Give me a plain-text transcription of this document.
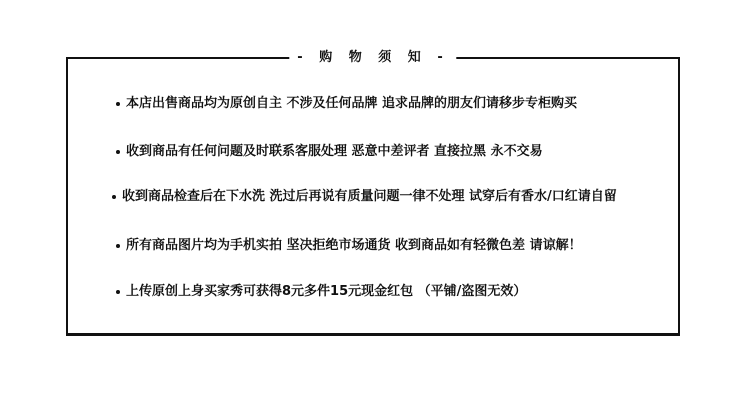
- 购 物 须 知 -
本店出售商品均为原创自主 不涉及任何品牌 追求品牌的朋友们请移步专柜购买
收到商品有任何问题及时联系客服处理 恶意中差评者 直接拉黑 永不交易
收到商品检查后在下水洗 洗过后再说有质量问题一律不处理 试穿后有香水/口红请自留
所有商品图片均为手机实拍 坚决拒绝市场通货 收到商品如有轻微色差 请谅解！
上传原创上身买家秀可获得8元多件15元现金红包 （平铺/盗图无效）
